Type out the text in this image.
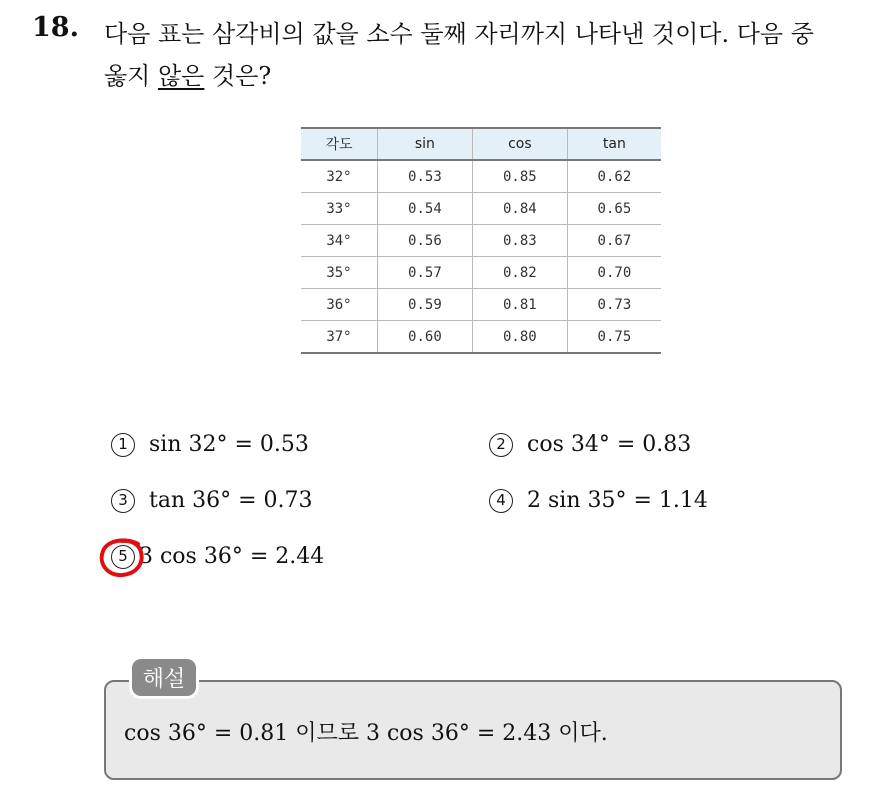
18. 다음 표는 삼각비의 값을 소수 둘째 자리까지 나타낸 것이다. 다음 중
옳지 않은 것은?
각도	sin	cos	tan
32°	0.53	0.85	0.62
33°	0.54	0.84	0.65
34°	0.56	0.83	0.67
35°	0.57	0.82	0.70
36°	0.59	0.81	0.73
37°	0.60	0.80	0.75
1 sin 32° = 0.53	2 cos 34° = 0.83
3 tan 36° = 0.73	4 2 sin 35° = 1.14
5 3 cos 36° = 2.44
해설
cos 36° = 0.81 이므로 3 cos 36° = 2.43 이다.
